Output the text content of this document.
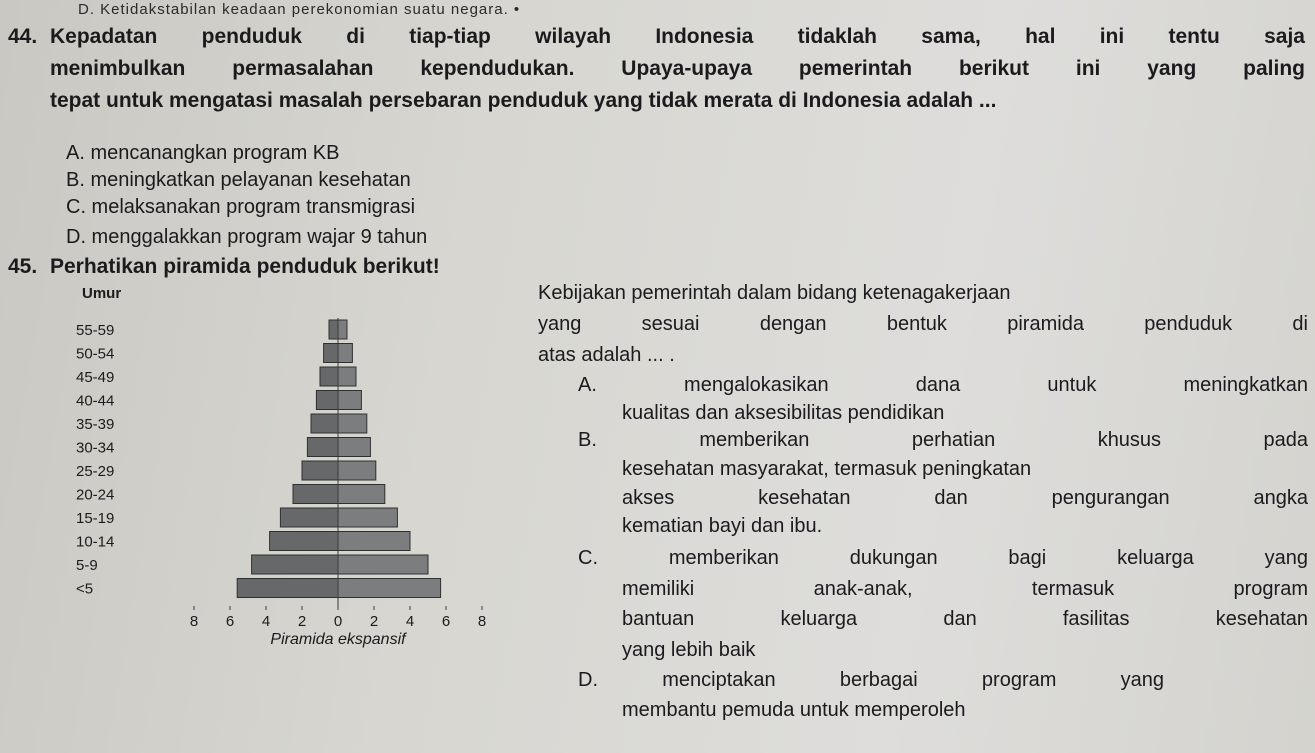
D. Ketidakstabilan keadaan perekonomian suatu negara. •
44. Kepadatan penduduk di tiap-tiap wilayah Indonesia tidaklah sama, hal ini tentu saja
menimbulkan permasalahan kependudukan. Upaya-upaya pemerintah berikut ini yang paling
tepat untuk mengatasi masalah persebaran penduduk yang tidak merata di Indonesia adalah ...
A. mencanangkan program KB
B. meningkatkan pelayanan kesehatan
C. melaksanakan program transmigrasi
D. menggalakkan program wajar 9 tahun
45. Perhatikan piramida penduduk berikut!
Umur
55-59
50-54
45-49
40-44
35-39
30-34
25-29
20-24
15-19
10-14
5-9
<5
8 6 4 2 0 2 4 6 8
Piramida ekspansif
Kebijakan pemerintah dalam bidang ketenagakerjaan
yang sesuai dengan bentuk piramida penduduk di
atas adalah ... .
A. mengalokasikan dana untuk meningkatkan
kualitas dan aksesibilitas pendidikan
B. memberikan perhatian khusus pada
kesehatan masyarakat, termasuk peningkatan
akses kesehatan dan pengurangan angka
kematian bayi dan ibu.
C. memberikan dukungan bagi keluarga yang
memiliki anak-anak, termasuk program
bantuan keluarga dan fasilitas kesehatan
yang lebih baik
D. menciptakan berbagai program yang
membantu pemuda untuk memperoleh
